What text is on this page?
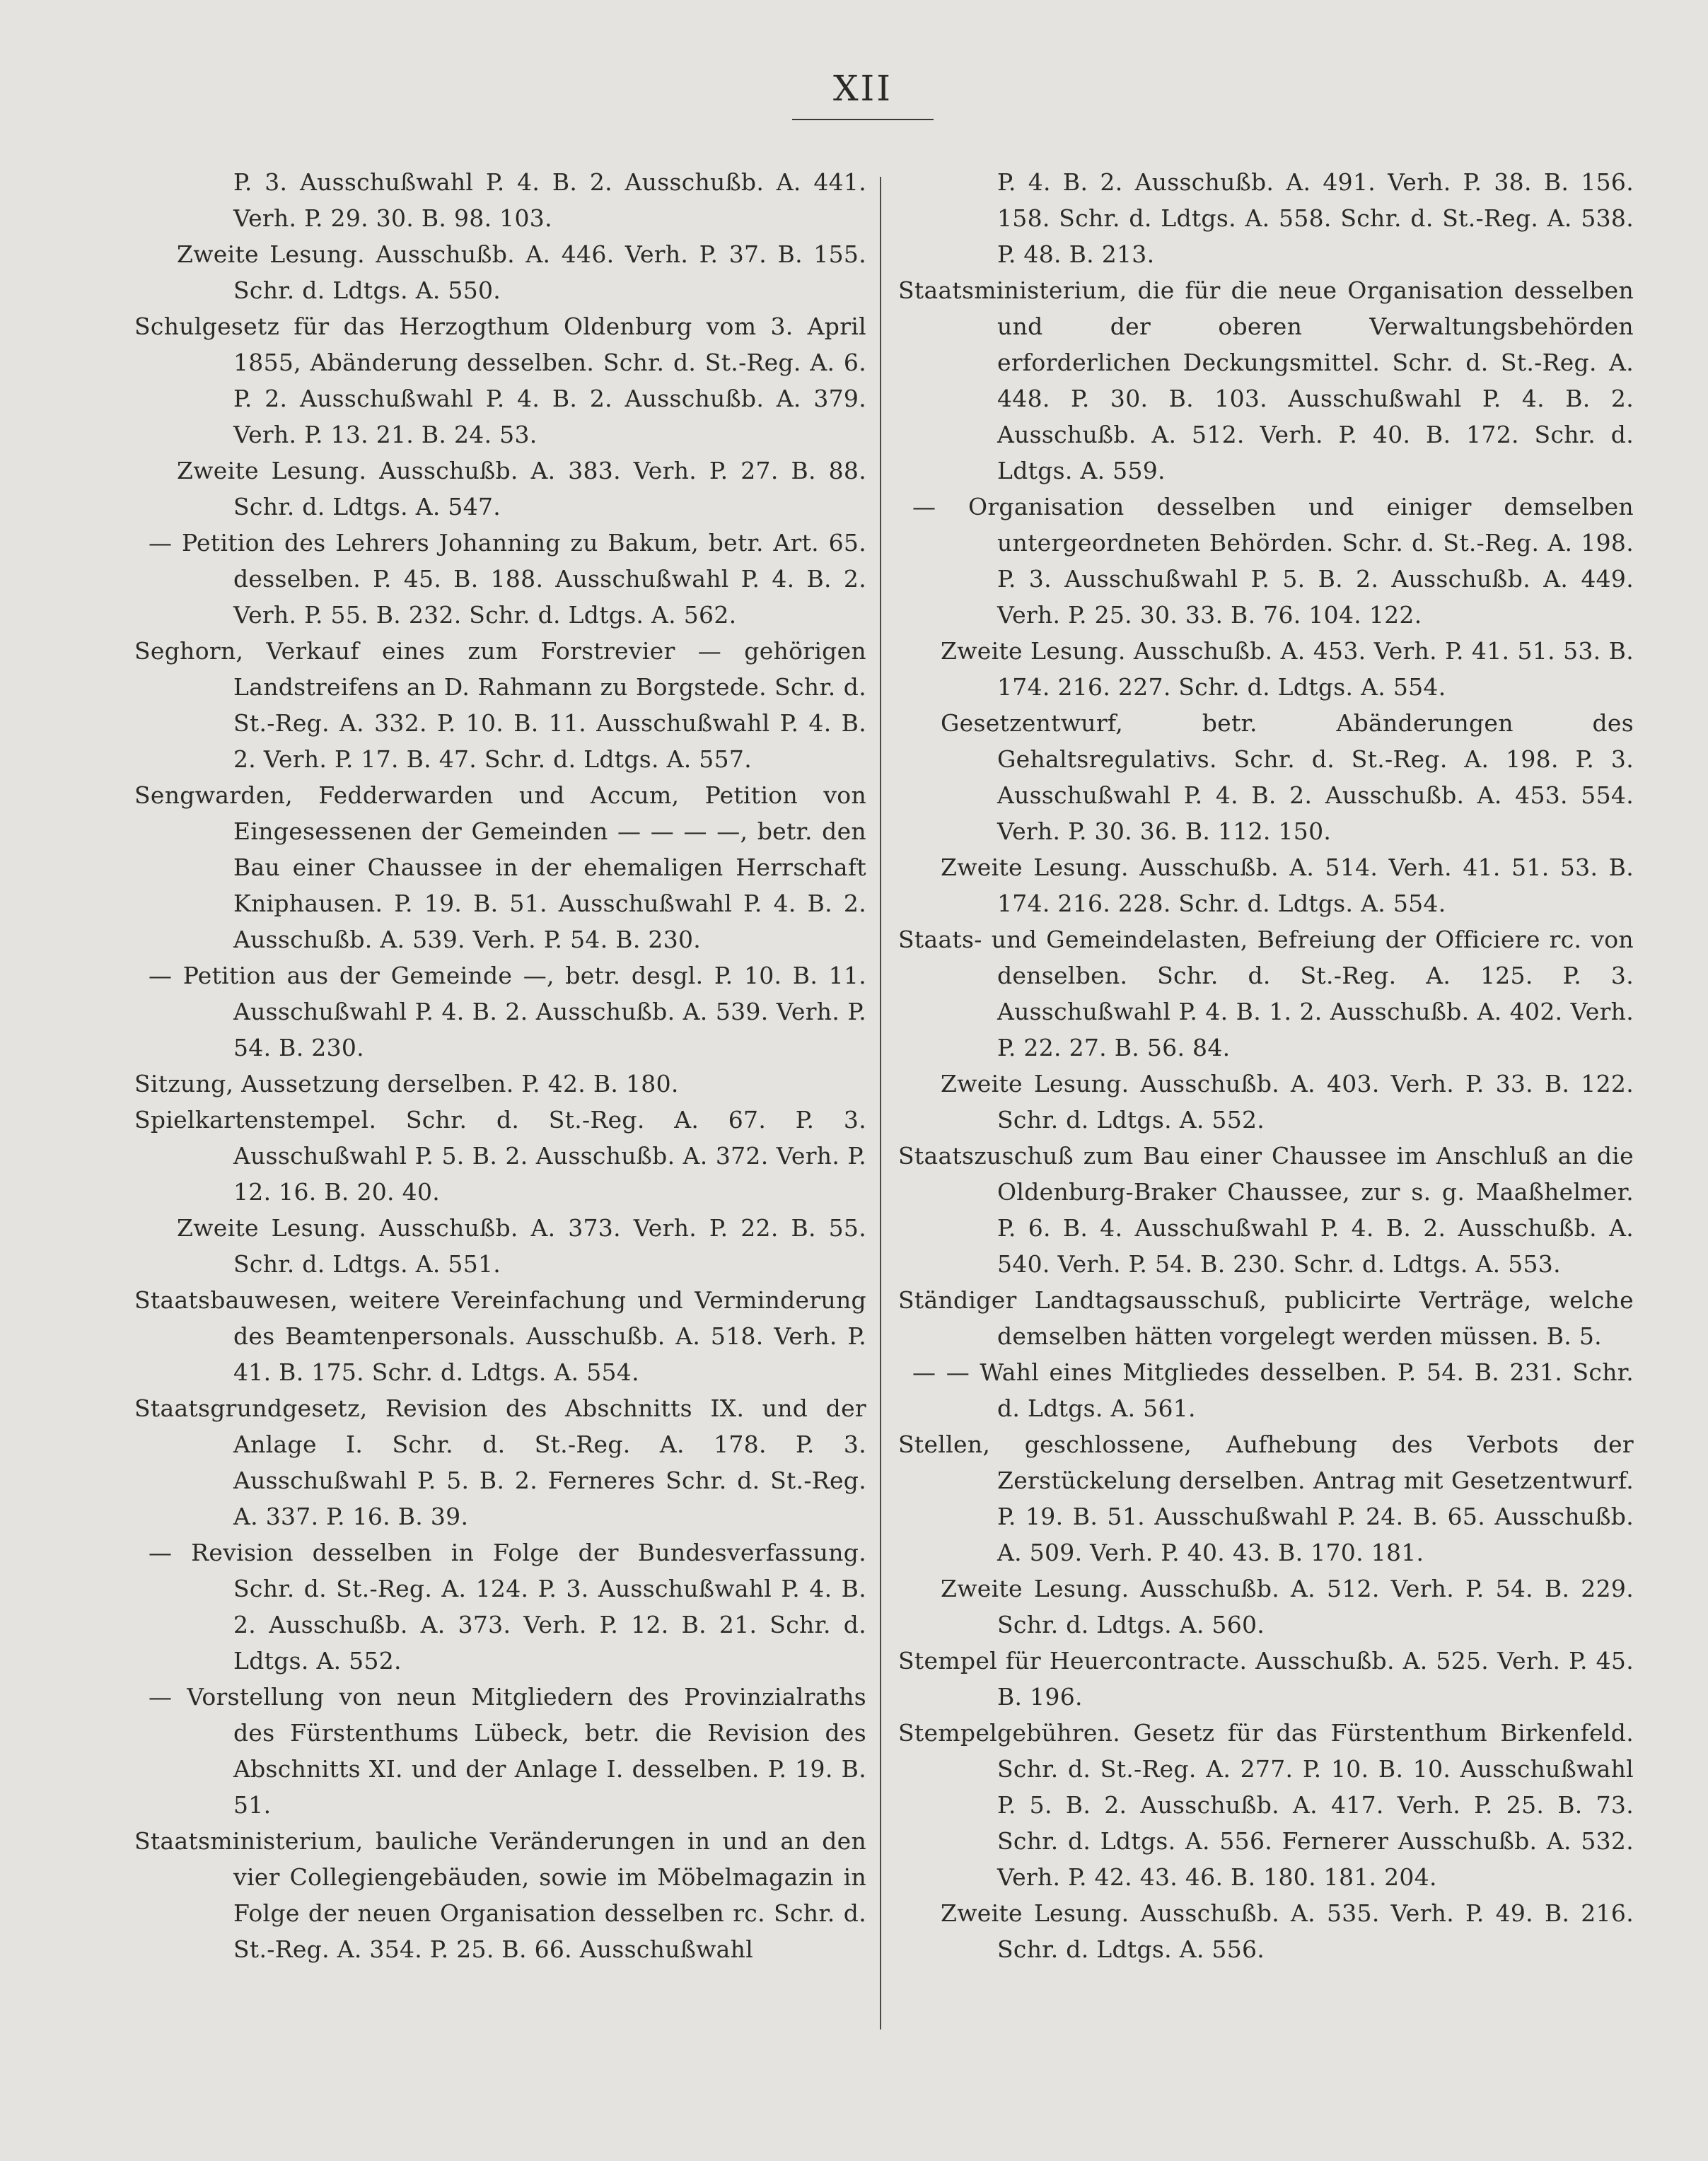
XII

P. 3. Ausschußwahl P. 4. B. 2. Ausschußb. A. 441. Verh. P. 29. 30. B. 98. 103.

Zweite Lesung. Ausschußb. A. 446. Verh. P. 37. B. 155. Schr. d. Ldtgs. A. 550.

Schulgesetz für das Herzogthum Oldenburg vom 3. April 1855, Abänderung desselben. Schr. d. St.-Reg. A. 6. P. 2. Ausschußwahl P. 4. B. 2. Ausschußb. A. 379. Verh. P. 13. 21. B. 24. 53.

Zweite Lesung. Ausschußb. A. 383. Verh. P. 27. B. 88. Schr. d. Ldtgs. A. 547.

— Petition des Lehrers Johanning zu Bakum, betr. Art. 65. desselben. P. 45. B. 188. Ausschußwahl P. 4. B. 2. Verh. P. 55. B. 232. Schr. d. Ldtgs. A. 562.

Seghorn, Verkauf eines zum Forstrevier — gehörigen Landstreifens an D. Rahmann zu Borgstede. Schr. d. St.-Reg. A. 332. P. 10. B. 11. Ausschußwahl P. 4. B. 2. Verh. P. 17. B. 47. Schr. d. Ldtgs. A. 557.

Sengwarden, Fedderwarden und Accum, Petition von Eingesessenen der Gemeinden — — — —, betr. den Bau einer Chaussee in der ehemaligen Herrschaft Kniphausen. P. 19. B. 51. Ausschußwahl P. 4. B. 2. Ausschußb. A. 539. Verh. P. 54. B. 230.

— Petition aus der Gemeinde —, betr. desgl. P. 10. B. 11. Ausschußwahl P. 4. B. 2. Ausschußb. A. 539. Verh. P. 54. B. 230.

Sitzung, Aussetzung derselben. P. 42. B. 180.

Spielkartenstempel. Schr. d. St.-Reg. A. 67. P. 3. Ausschußwahl P. 5. B. 2. Ausschußb. A. 372. Verh. P. 12. 16. B. 20. 40.

Zweite Lesung. Ausschußb. A. 373. Verh. P. 22. B. 55. Schr. d. Ldtgs. A. 551.

Staatsbauwesen, weitere Vereinfachung und Verminderung des Beamtenpersonals. Ausschußb. A. 518. Verh. P. 41. B. 175. Schr. d. Ldtgs. A. 554.

Staatsgrundgesetz, Revision des Abschnitts IX. und der Anlage I. Schr. d. St.-Reg. A. 178. P. 3. Ausschußwahl P. 5. B. 2. Ferneres Schr. d. St.-Reg. A. 337. P. 16. B. 39.

— Revision desselben in Folge der Bundesverfassung. Schr. d. St.-Reg. A. 124. P. 3. Ausschußwahl P. 4. B. 2. Ausschußb. A. 373. Verh. P. 12. B. 21. Schr. d. Ldtgs. A. 552.

— Vorstellung von neun Mitgliedern des Provinzialraths des Fürstenthums Lübeck, betr. die Revision des Abschnitts XI. und der Anlage I. desselben. P. 19. B. 51.

Staatsministerium, bauliche Veränderungen in und an den vier Collegiengebäuden, sowie im Möbelmagazin in Folge der neuen Organisation desselben rc. Schr. d. St.-Reg. A. 354. P. 25. B. 66. Ausschußwahl

P. 4. B. 2. Ausschußb. A. 491. Verh. P. 38. B. 156. 158. Schr. d. Ldtgs. A. 558. Schr. d. St.-Reg. A. 538. P. 48. B. 213.

Staatsministerium, die für die neue Organisation desselben und der oberen Verwaltungsbehörden erforderlichen Deckungsmittel. Schr. d. St.-Reg. A. 448. P. 30. B. 103. Ausschußwahl P. 4. B. 2. Ausschußb. A. 512. Verh. P. 40. B. 172. Schr. d. Ldtgs. A. 559.

— Organisation desselben und einiger demselben untergeordneten Behörden. Schr. d. St.-Reg. A. 198. P. 3. Ausschußwahl P. 5. B. 2. Ausschußb. A. 449. Verh. P. 25. 30. 33. B. 76. 104. 122.

Zweite Lesung. Ausschußb. A. 453. Verh. P. 41. 51. 53. B. 174. 216. 227. Schr. d. Ldtgs. A. 554.

Gesetzentwurf, betr. Abänderungen des Gehaltsregulativs. Schr. d. St.-Reg. A. 198. P. 3. Ausschußwahl P. 4. B. 2. Ausschußb. A. 453. 554. Verh. P. 30. 36. B. 112. 150.

Zweite Lesung. Ausschußb. A. 514. Verh. 41. 51. 53. B. 174. 216. 228. Schr. d. Ldtgs. A. 554.

Staats- und Gemeindelasten, Befreiung der Officiere rc. von denselben. Schr. d. St.-Reg. A. 125. P. 3. Ausschußwahl P. 4. B. 1. 2. Ausschußb. A. 402. Verh. P. 22. 27. B. 56. 84.

Zweite Lesung. Ausschußb. A. 403. Verh. P. 33. B. 122. Schr. d. Ldtgs. A. 552.

Staatszuschuß zum Bau einer Chaussee im Anschluß an die Oldenburg-Braker Chaussee, zur s. g. Maaßhelmer. P. 6. B. 4. Ausschußwahl P. 4. B. 2. Ausschußb. A. 540. Verh. P. 54. B. 230. Schr. d. Ldtgs. A. 553.

Ständiger Landtagsausschuß, publicirte Verträge, welche demselben hätten vorgelegt werden müssen. B. 5.

— — Wahl eines Mitgliedes desselben. P. 54. B. 231. Schr. d. Ldtgs. A. 561.

Stellen, geschlossene, Aufhebung des Verbots der Zerstückelung derselben. Antrag mit Gesetzentwurf. P. 19. B. 51. Ausschußwahl P. 24. B. 65. Ausschußb. A. 509. Verh. P. 40. 43. B. 170. 181.

Zweite Lesung. Ausschußb. A. 512. Verh. P. 54. B. 229. Schr. d. Ldtgs. A. 560.

Stempel für Heuercontracte. Ausschußb. A. 525. Verh. P. 45. B. 196.

Stempelgebühren. Gesetz für das Fürstenthum Birkenfeld. Schr. d. St.-Reg. A. 277. P. 10. B. 10. Ausschußwahl P. 5. B. 2. Ausschußb. A. 417. Verh. P. 25. B. 73. Schr. d. Ldtgs. A. 556. Fernerer Ausschußb. A. 532. Verh. P. 42. 43. 46. B. 180. 181. 204.

Zweite Lesung. Ausschußb. A. 535. Verh. P. 49. B. 216. Schr. d. Ldtgs. A. 556.
